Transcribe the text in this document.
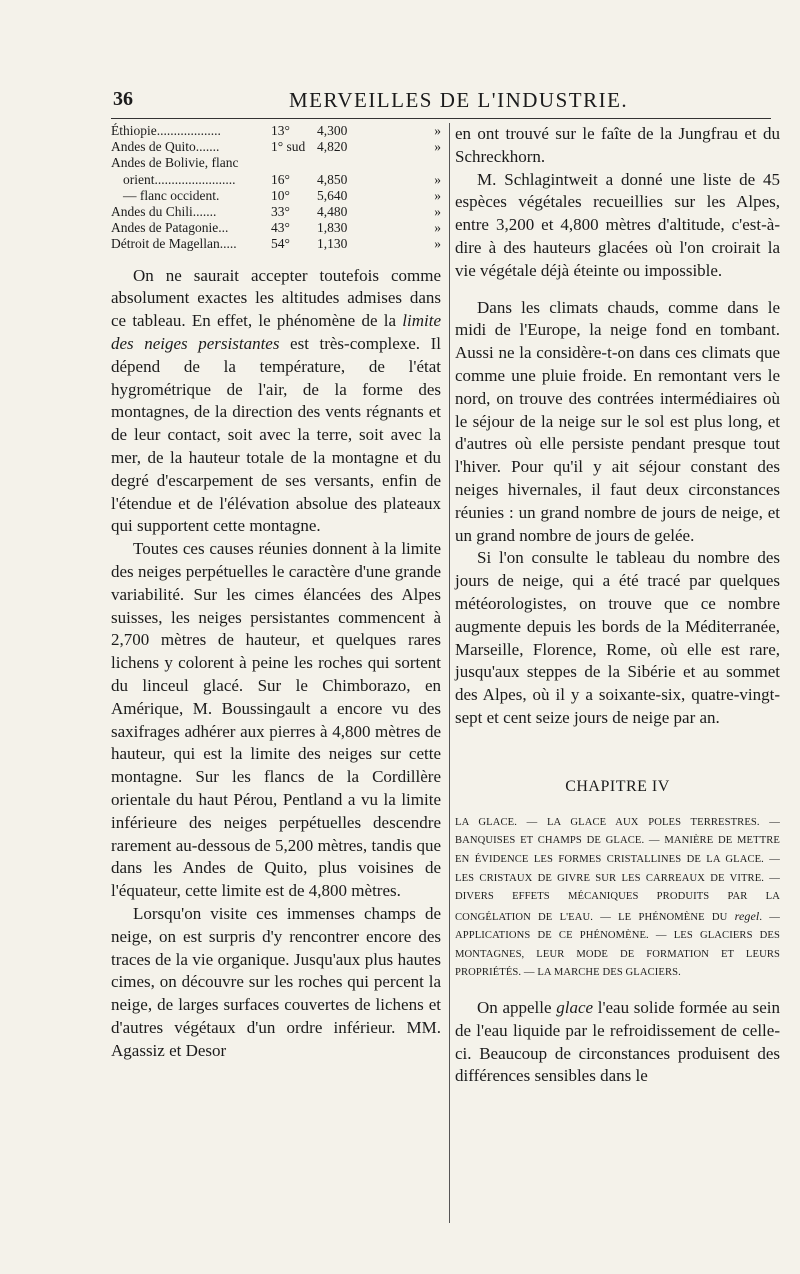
36	MERVEILLES DE L'INDUSTRIE.
Éthiopie...................	13°	4,300	»
Andes de Quito.......	1° sud	4,820	»
Andes de Bolivie, flanc			
orient........................	16°	4,850	»
— flanc occident.	10°	5,640	»
Andes du Chili.......	33°	4,480	»
Andes de Patagonie...	43°	1,830	»
Détroit de Magellan.....	54°	1,130	»

On ne saurait accepter toutefois comme absolument exactes les altitudes admises dans ce tableau. En effet, le phénomène de la limite des neiges persistantes est très-complexe. Il dépend de la température, de l'état hygrométrique de l'air, de la forme des montagnes, de la direction des vents régnants et de leur contact, soit avec la terre, soit avec la mer, de la hauteur totale de la montagne et du degré d'escarpement de ses versants, enfin de l'étendue et de l'élévation absolue des plateaux qui supportent cette montagne.

Toutes ces causes réunies donnent à la limite des neiges perpétuelles le caractère d'une grande variabilité. Sur les cimes élancées des Alpes suisses, les neiges persistantes commencent à 2,700 mètres de hauteur, et quelques rares lichens y colorent à peine les roches qui sortent du linceul glacé. Sur le Chimborazo, en Amérique, M. Boussingault a encore vu des saxifrages adhérer aux pierres à 4,800 mètres de hauteur, qui est la limite des neiges sur cette montagne. Sur les flancs de la Cordillère orientale du haut Pérou, Pentland a vu la limite inférieure des neiges perpétuelles descendre rarement au-dessous de 5,200 mètres, tandis que dans les Andes de Quito, plus voisines de l'équateur, cette limite est de 4,800 mètres.

Lorsqu'on visite ces immenses champs de neige, on est surpris d'y rencontrer encore des traces de la vie organique. Jusqu'aux plus hautes cimes, on découvre sur les roches qui percent la neige, de larges surfaces couvertes de lichens et d'autres végétaux d'un ordre inférieur. MM. Agassiz et Desor

en ont trouvé sur le faîte de la Jungfrau et du Schreckhorn.

M. Schlagintweit a donné une liste de 45 espèces végétales recueillies sur les Alpes, entre 3,200 et 4,800 mètres d'altitude, c'est-à-dire à des hauteurs glacées où l'on croirait la vie végétale déjà éteinte ou impossible.

Dans les climats chauds, comme dans le midi de l'Europe, la neige fond en tombant. Aussi ne la considère-t-on dans ces climats que comme une pluie froide. En remontant vers le nord, on trouve des contrées intermédiaires où le séjour de la neige sur le sol est plus long, et d'autres où elle persiste pendant presque tout l'hiver. Pour qu'il y ait séjour constant des neiges hivernales, il faut deux circonstances réunies : un grand nombre de jours de neige, et un grand nombre de jours de gelée.

Si l'on consulte le tableau du nombre des jours de neige, qui a été tracé par quelques météorologistes, on trouve que ce nombre augmente depuis les bords de la Méditerranée, Marseille, Florence, Rome, où elle est rare, jusqu'aux steppes de la Sibérie et au sommet des Alpes, où il y a soixante-six, quatre-vingt-sept et cent seize jours de neige par an.

CHAPITRE IV
LA GLACE. — LA GLACE AUX POLES TERRESTRES. — BANQUISES ET CHAMPS DE GLACE. — MANIÈRE DE METTRE EN ÉVIDENCE LES FORMES CRISTALLINES DE LA GLACE. — LES CRISTAUX DE GIVRE SUR LES CARREAUX DE VITRE. — DIVERS EFFETS MÉCANIQUES PRODUITS PAR LA CONGÉLATION DE L'EAU. — LE PHÉNOMÈNE DU regel. — APPLICATIONS DE CE PHÉNOMÈNE. — LES GLACIERS DES MONTAGNES, LEUR MODE DE FORMATION ET LEURS PROPRIÉTÉS. — LA MARCHE DES GLACIERS.

On appelle glace l'eau solide formée au sein de l'eau liquide par le refroidissement de celle-ci. Beaucoup de circonstances produisent des différences sensibles dans le
